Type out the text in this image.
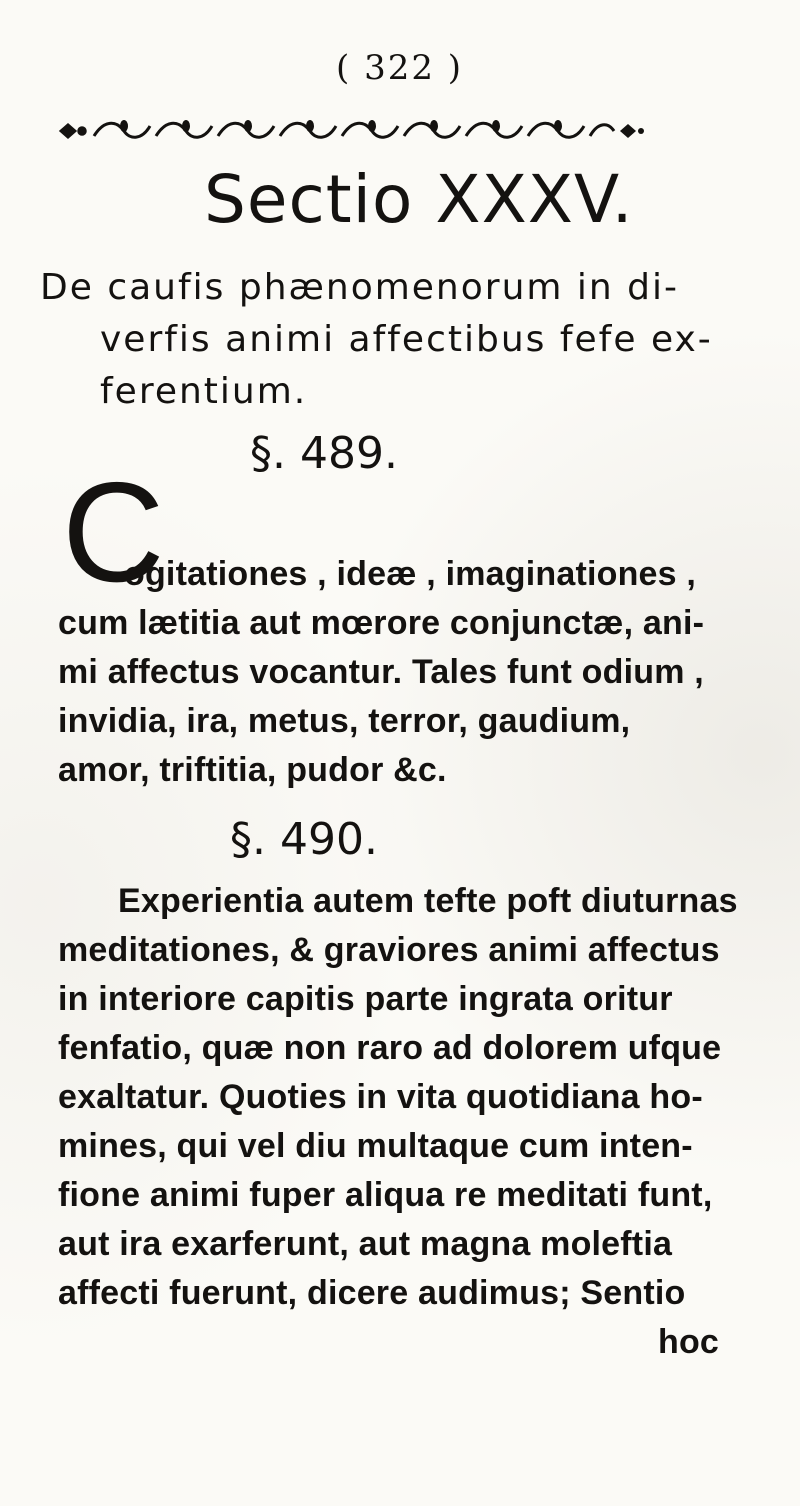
( 322 )
Sectio XXXV.
De caufis phænomenorum in di-
verfis animi affectibus fefe ex-
ferentium.
§. 489.
C
ogitationes , ideæ , imaginationes ,
cum lætitia aut mœrore conjunctæ, ani-
mi affectus vocantur. Tales funt odium ,
invidia, ira, metus, terror, gaudium,
amor, triftitia, pudor &c.
§. 490.
Experientia autem tefte poft diuturnas
meditationes, & graviores animi affectus
in interiore capitis parte ingrata oritur
fenfatio, quæ non raro ad dolorem ufque
exaltatur. Quoties in vita quotidiana ho-
mines, qui vel diu multaque cum inten-
fione animi fuper aliqua re meditati funt,
aut ira exarferunt, aut magna moleftia
affecti fuerunt, dicere audimus; Sentio
hoc
